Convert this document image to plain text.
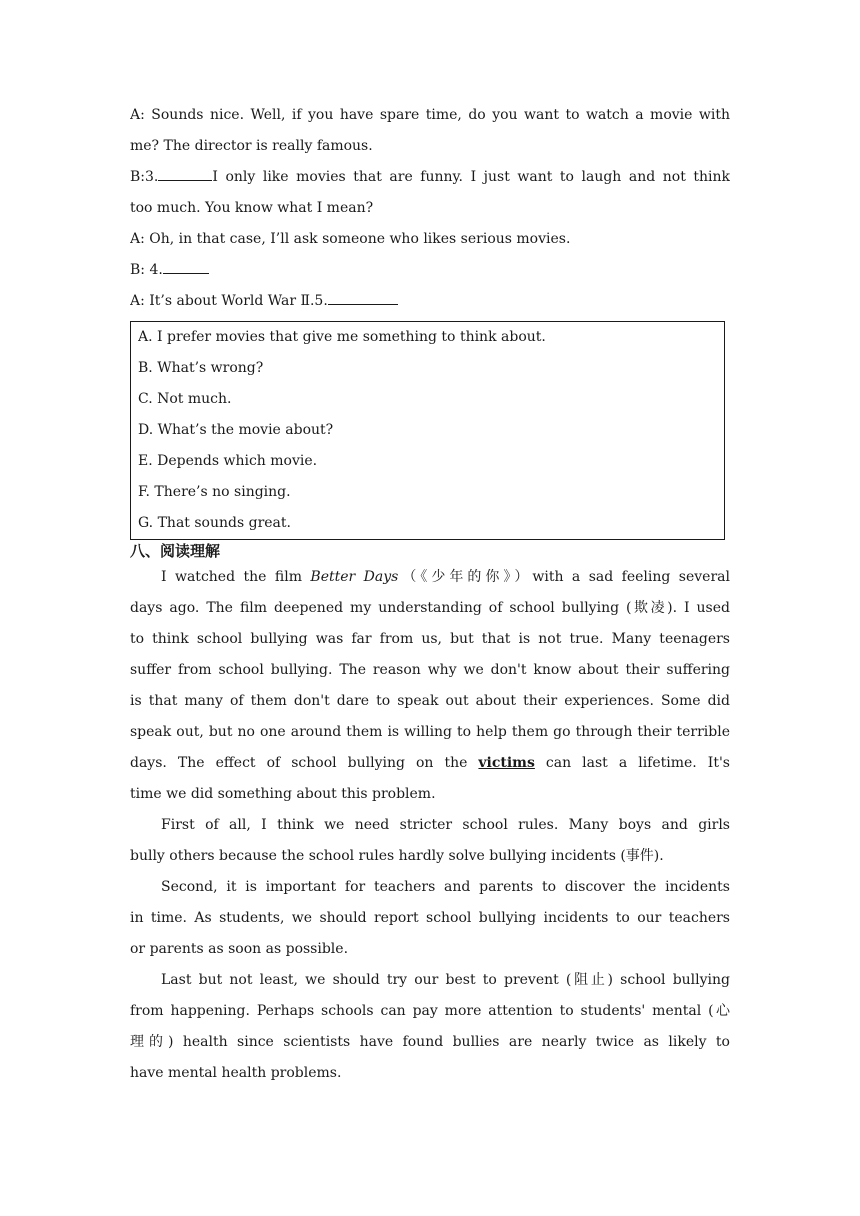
A: Sounds nice. Well, if you have spare time, do you want to watch a movie with
me? The director is really famous.
B:3.	I only like movies that are funny. I just want to laugh and not think
too much. You know what I mean?
A: Oh, in that case, I’ll ask someone who likes serious movies.
B: 4.
A: It’s about World War Ⅱ.5.
A. I prefer movies that give me something to think about.
B. What’s wrong?
C. Not much.
D. What’s the movie about?
E. Depends which movie.
F. There’s no singing.
G. That sounds great.
八、阅读理解
I watched the film Better Days（《少年的你》）with a sad feeling several
days ago. The film deepened my understanding of school bullying (欺凌). I used
to think school bullying was far from us, but that is not true. Many teenagers
suffer from school bullying. The reason why we don't know about their suffering
is that many of them don't dare to speak out about their experiences. Some did
speak out, but no one around them is willing to help them go through their terrible
days. The effect of school bullying on the victims can last a lifetime. It's
time we did something about this problem.
First of all, I think we need stricter school rules. Many boys and girls
bully others because the school rules hardly solve bullying incidents (事件).
Second, it is important for teachers and parents to discover the incidents
in time. As students, we should report school bullying incidents to our teachers
or parents as soon as possible.
Last but not least, we should try our best to prevent (阻止) school bullying
from happening. Perhaps schools can pay more attention to students' mental (心
理的) health since scientists have found bullies are nearly twice as likely to
have mental health problems.
